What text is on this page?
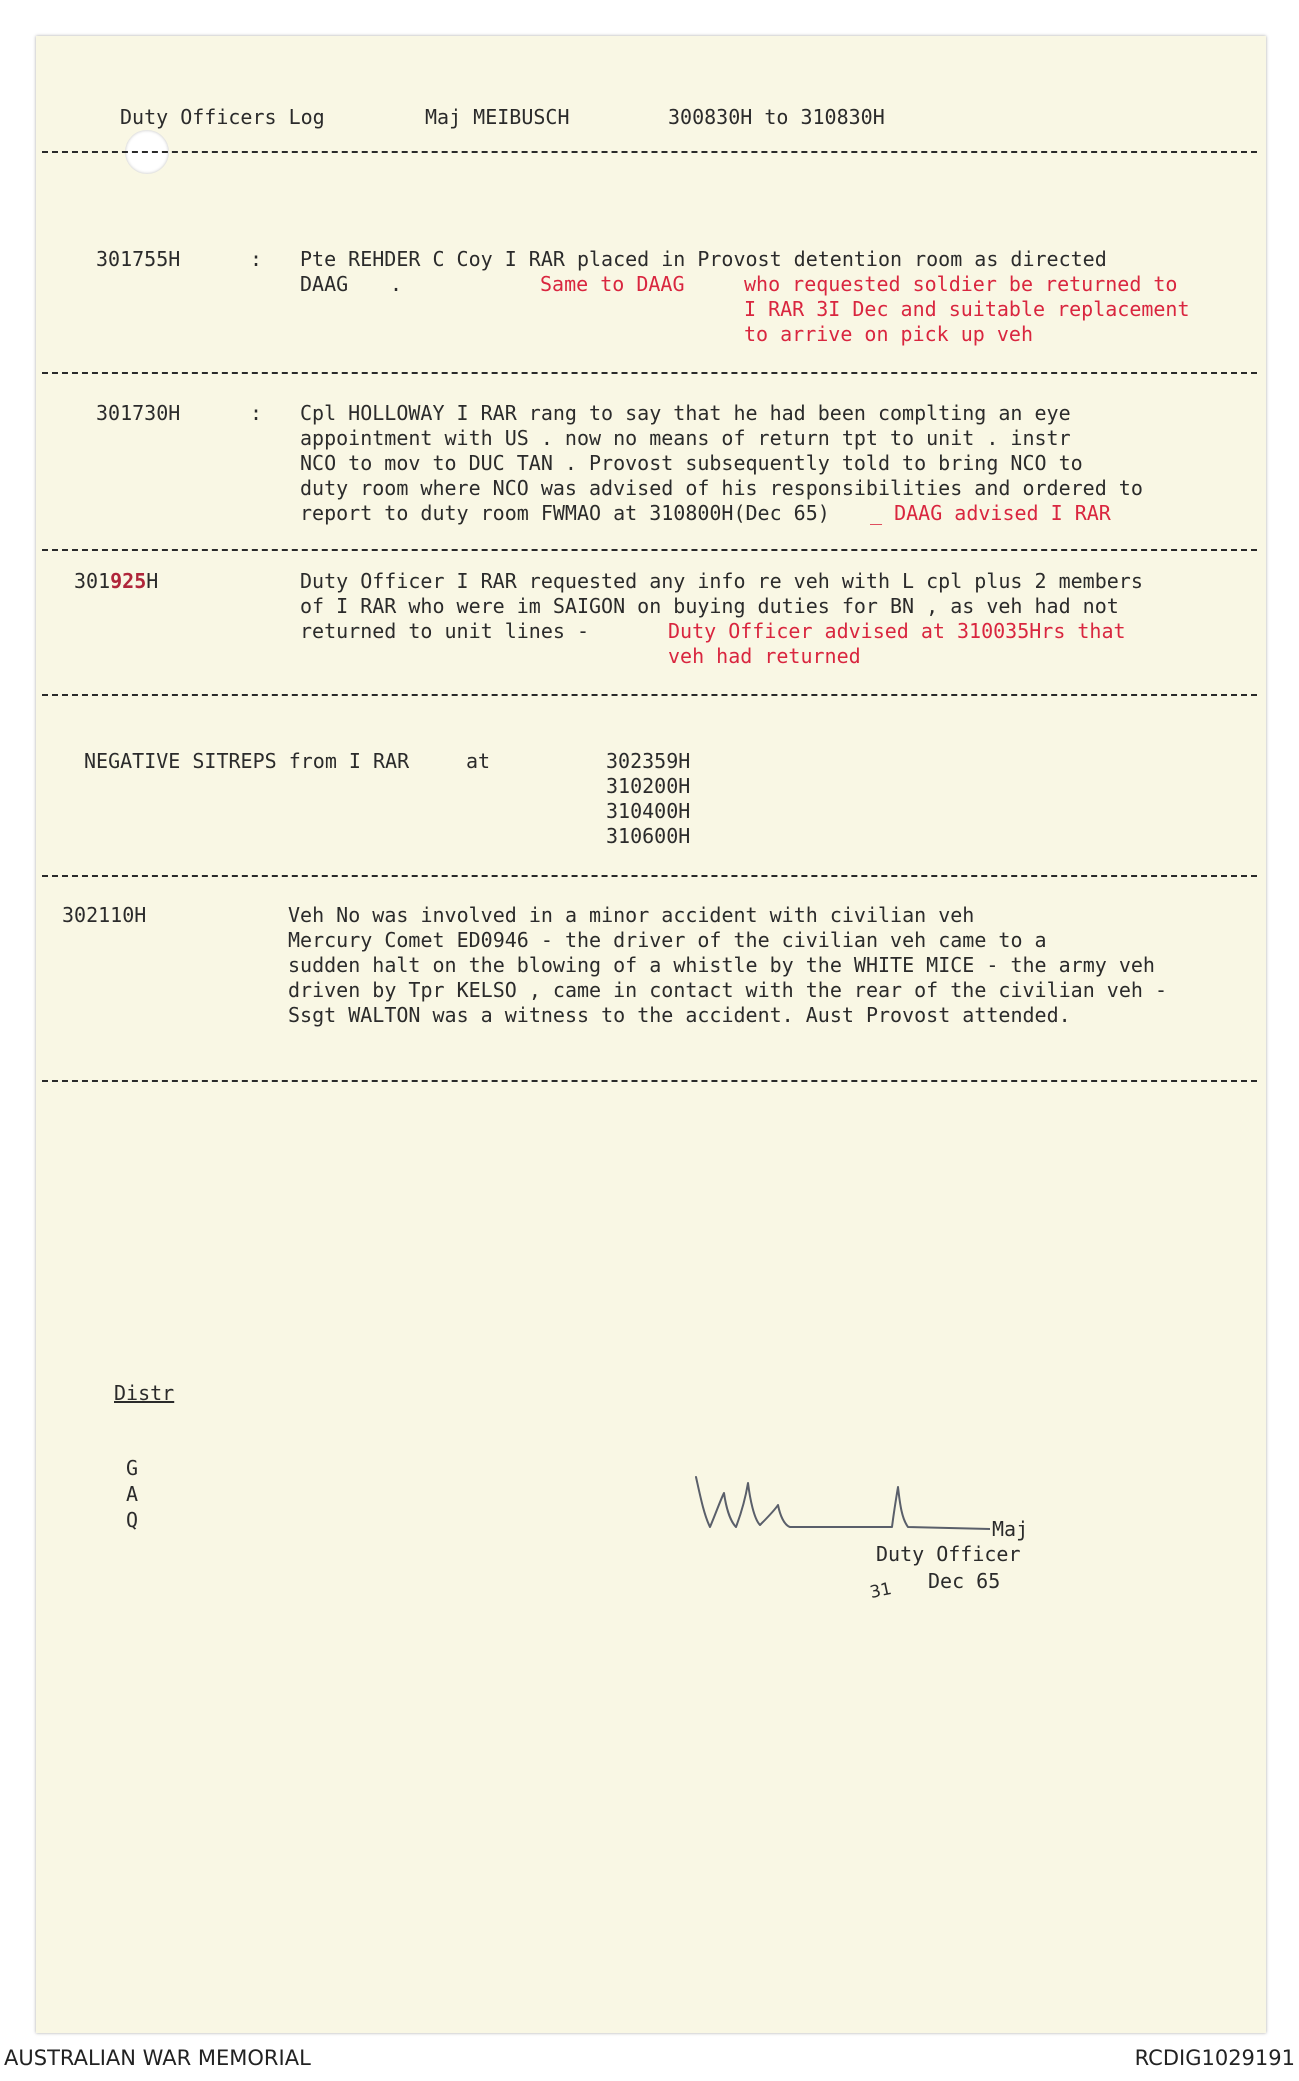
Duty Officers Log	Maj MEIBUSCH	300830H to 310830H
301755H	: Pte REHDER C Coy I RAR placed in Provost detention room as directed
DAAG .	Same to DAAG	who requested soldier be returned to
I RAR 3I Dec and suitable replacement
to arrive on pick up veh
301730H	: Cpl HOLLOWAY I RAR rang to say that he had been complting an eye
appointment with US . now no means of return tpt to unit . instr
NCO to mov to DUC TAN . Provost subsequently told to bring NCO to
duty room where NCO was advised of his responsibilities and ordered to
report to duty room FWMAO at 310800H(Dec 65) _ DAAG advised I RAR
301925H	Duty Officer I RAR requested any info re veh with L cpl plus 2 members
of I RAR who were im SAIGON on buying duties for BN , as veh had not
returned to unit lines -	Duty Officer advised at 310035Hrs that
veh had returned
NEGATIVE SITREPS from I RAR	at	302359H
310200H
310400H
310600H
302110H	Veh No was involved in a minor accident with civilian veh
Mercury Comet ED0946 - the driver of the civilian veh came to a
sudden halt on the blowing of a whistle by the WHITE MICE - the army veh
driven by Tpr KELSO , came in contact with the rear of the civilian veh -
Ssgt WALTON was a witness to the accident. Aust Provost attended.
Distr
G
A
Q	Maj
Duty Officer
31 Dec 65
AUSTRALIAN WAR MEMORIAL	RCDIG1029191
